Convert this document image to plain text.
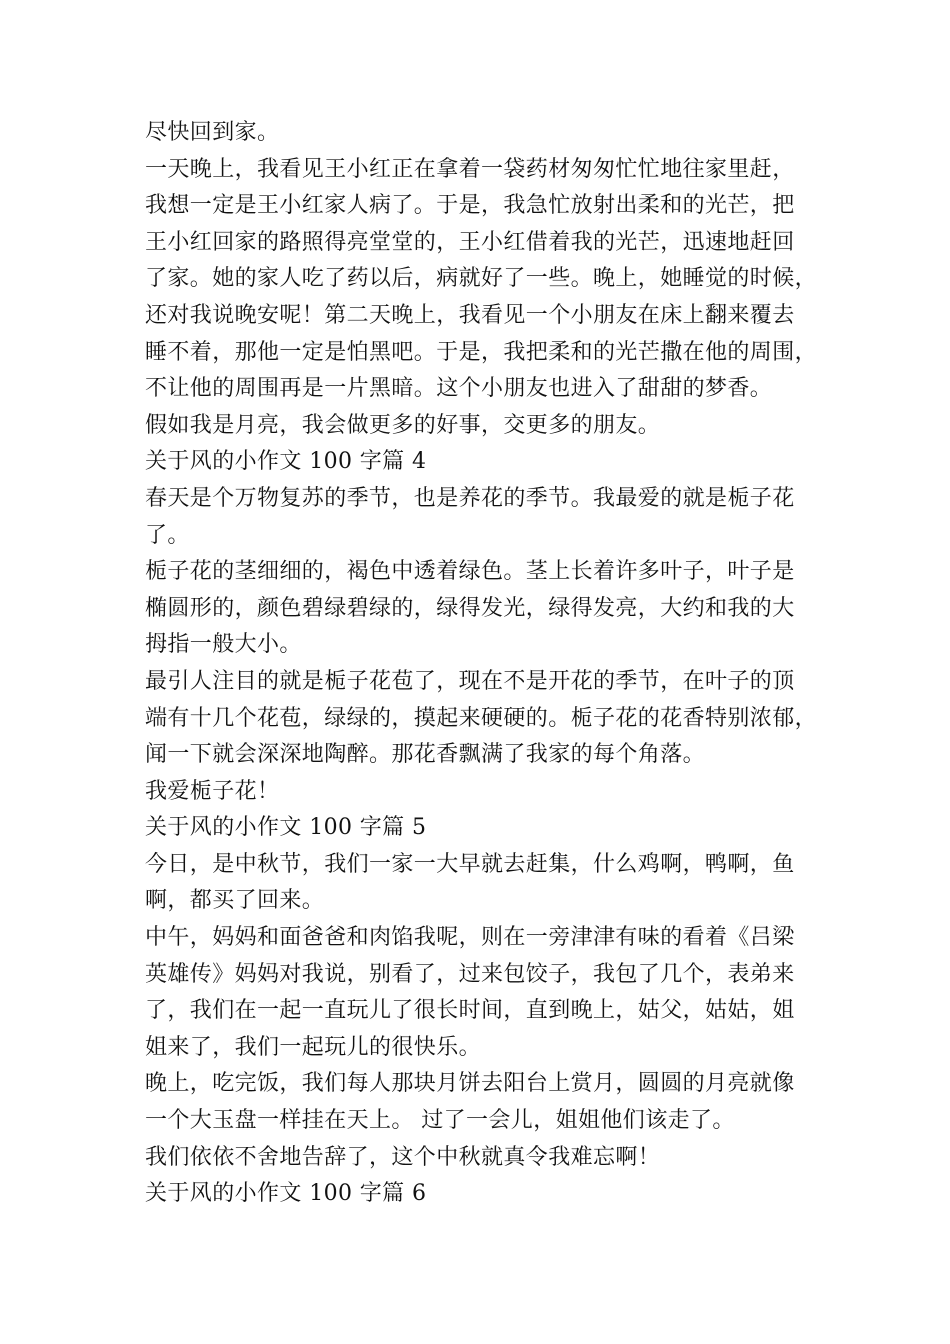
尽快回到家。
一天晚上，我看见王小红正在拿着一袋药材匆匆忙忙地往家里赶，
我想一定是王小红家人病了。于是，我急忙放射出柔和的光芒，把
王小红回家的路照得亮堂堂的，王小红借着我的光芒，迅速地赶回
了家。她的家人吃了药以后，病就好了一些。晚上，她睡觉的时候，
还对我说晚安呢！第二天晚上，我看见一个小朋友在床上翻来覆去
睡不着，那他一定是怕黑吧。于是，我把柔和的光芒撒在他的周围，
不让他的周围再是一片黑暗。这个小朋友也进入了甜甜的梦香。
假如我是月亮，我会做更多的好事，交更多的朋友。
关于风的小作文 100 字篇 4
春天是个万物复苏的季节，也是养花的季节。我最爱的就是栀子花
了。
栀子花的茎细细的，褐色中透着绿色。茎上长着许多叶子，叶子是
椭圆形的，颜色碧绿碧绿的，绿得发光，绿得发亮，大约和我的大
拇指一般大小。
最引人注目的就是栀子花苞了，现在不是开花的季节，在叶子的顶
端有十几个花苞，绿绿的，摸起来硬硬的。栀子花的花香特别浓郁，
闻一下就会深深地陶醉。那花香飘满了我家的每个角落。
我爱栀子花！
关于风的小作文 100 字篇 5
今日，是中秋节，我们一家一大早就去赶集，什么鸡啊，鸭啊，鱼
啊，都买了回来。
中午，妈妈和面爸爸和肉馅我呢，则在一旁津津有味的看着《吕梁
英雄传》妈妈对我说，别看了，过来包饺子，我包了几个，表弟来
了，我们在一起一直玩儿了很长时间，直到晚上，姑父，姑姑，姐
姐来了，我们一起玩儿的很快乐。
晚上，吃完饭，我们每人那块月饼去阳台上赏月，圆圆的月亮就像
一个大玉盘一样挂在天上。 过了一会儿，姐姐他们该走了。
我们依依不舍地告辞了，这个中秋就真令我难忘啊！
关于风的小作文 100 字篇 6
